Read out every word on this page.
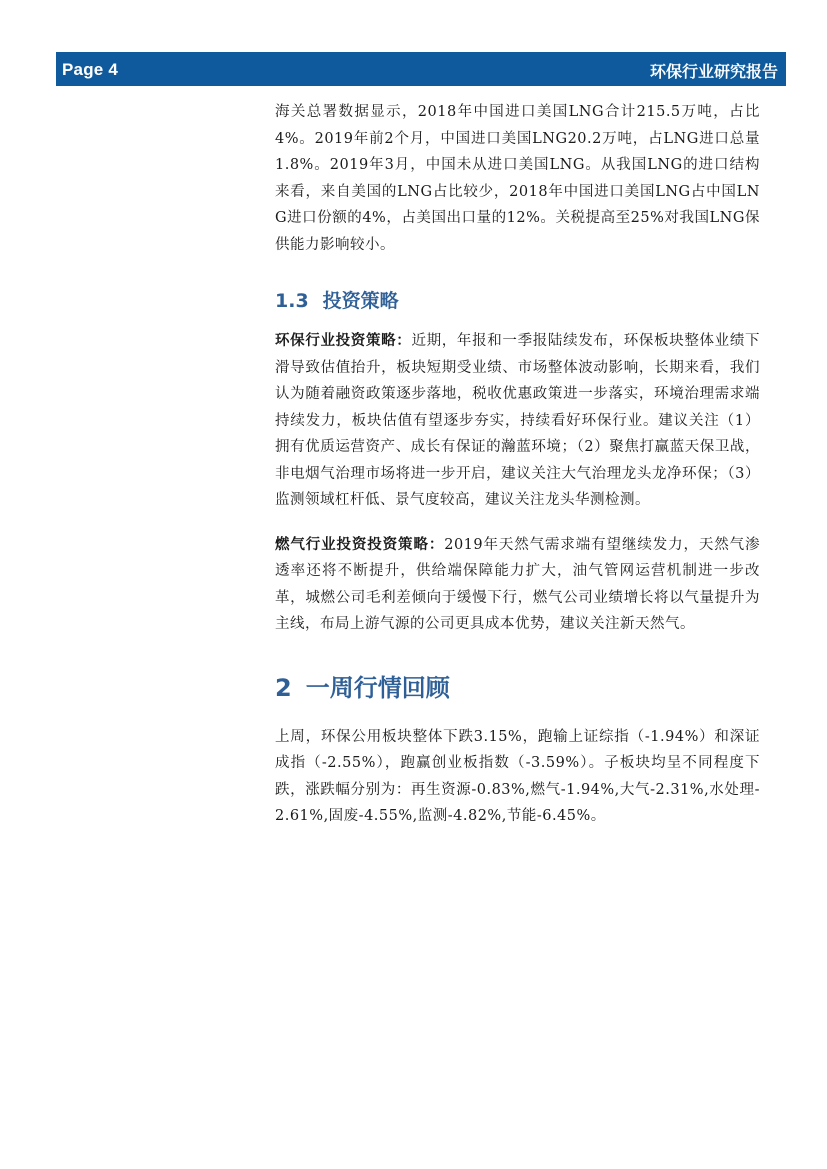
Page 4	环保行业研究报告

海关总署数据显示，2018年中国进口美国LNG合计215.5万吨，占比4%。2019年前2个月，中国进口美国LNG20.2万吨，占LNG进口总量1.8%。2019年3月，中国未从进口美国LNG。从我国LNG的进口结构来看，来自美国的LNG占比较少，2018年中国进口美国LNG占中国LNG进口份额的4%，占美国出口量的12%。关税提高至25%对我国LNG保供能力影响较小。

1.3 投资策略

环保行业投资策略：近期，年报和一季报陆续发布，环保板块整体业绩下滑导致估值抬升，板块短期受业绩、市场整体波动影响，长期来看，我们认为随着融资政策逐步落地，税收优惠政策进一步落实，环境治理需求端持续发力，板块估值有望逐步夯实，持续看好环保行业。建议关注（1）拥有优质运营资产、成长有保证的瀚蓝环境；（2）聚焦打赢蓝天保卫战，非电烟气治理市场将进一步开启，建议关注大气治理龙头龙净环保；（3）监测领域杠杆低、景气度较高，建议关注龙头华测检测。

燃气行业投资投资策略：2019年天然气需求端有望继续发力，天然气渗透率还将不断提升，供给端保障能力扩大，油气管网运营机制进一步改革，城燃公司毛利差倾向于缓慢下行，燃气公司业绩增长将以气量提升为主线，布局上游气源的公司更具成本优势，建议关注新天然气。

2 一周行情回顾

上周，环保公用板块整体下跌3.15%，跑输上证综指（-1.94%）和深证成指（-2.55%），跑赢创业板指数（-3.59%）。子板块均呈不同程度下跌，涨跌幅分别为：再生资源-0.83%,燃气-1.94%,大气-2.31%,水处理-2.61%,固废-4.55%,监测-4.82%,节能-6.45%。
